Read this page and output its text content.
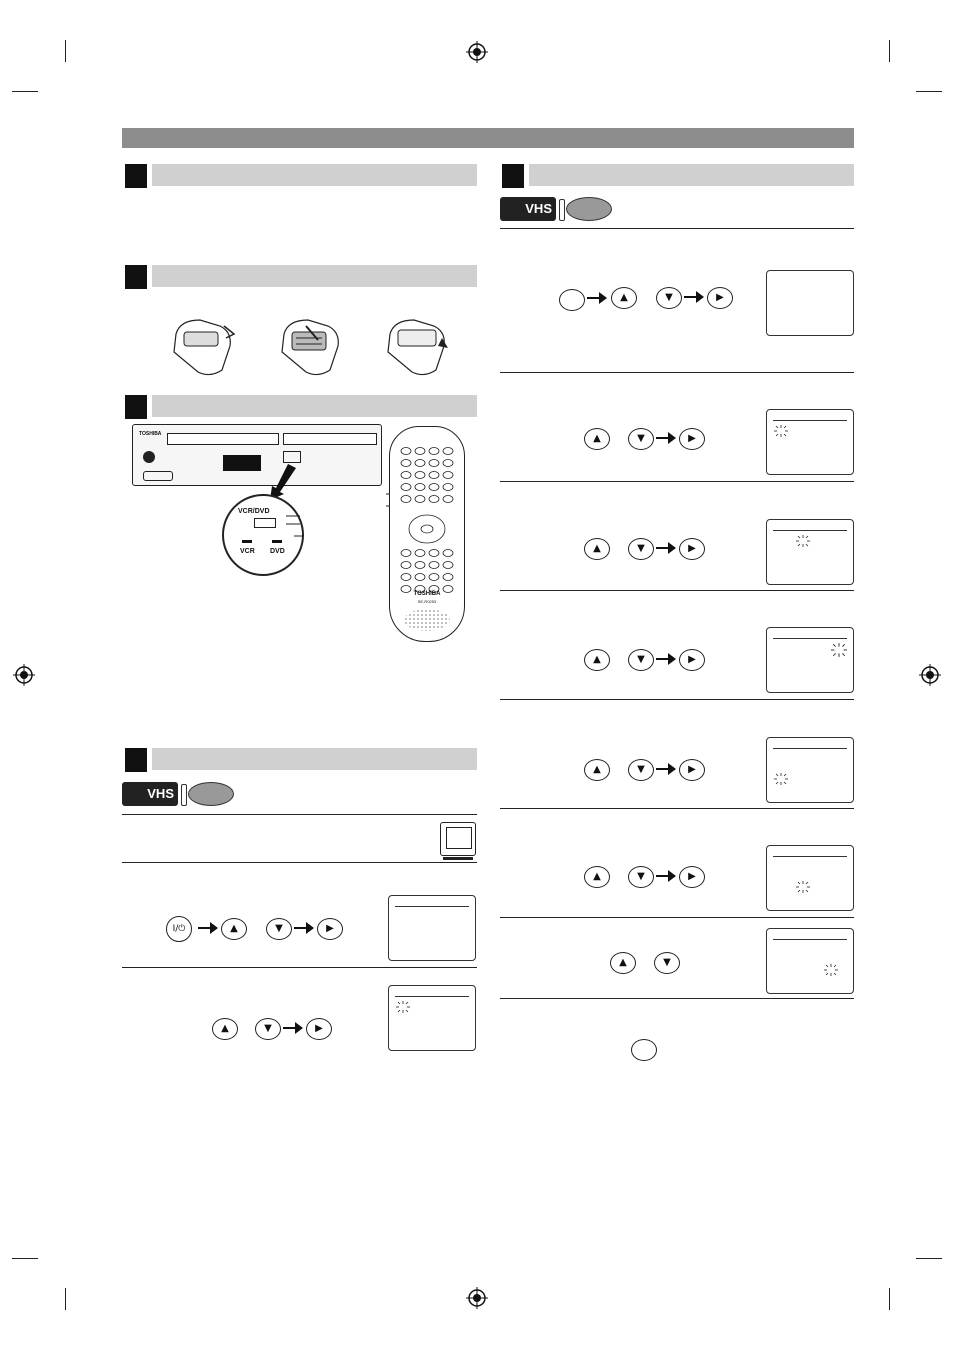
TOSHIBA
VCR/DVD
VCR DVD
TOSHIBA
SE-R0253
VHS
I/⏻	▲	▼	▶
▲	▼	▶
VHS
▲	▼	▶
▲	▼	▶
▲	▼	▶
▲	▼	▶
▲	▼	▶
▲	▼	▶
▲	▼
